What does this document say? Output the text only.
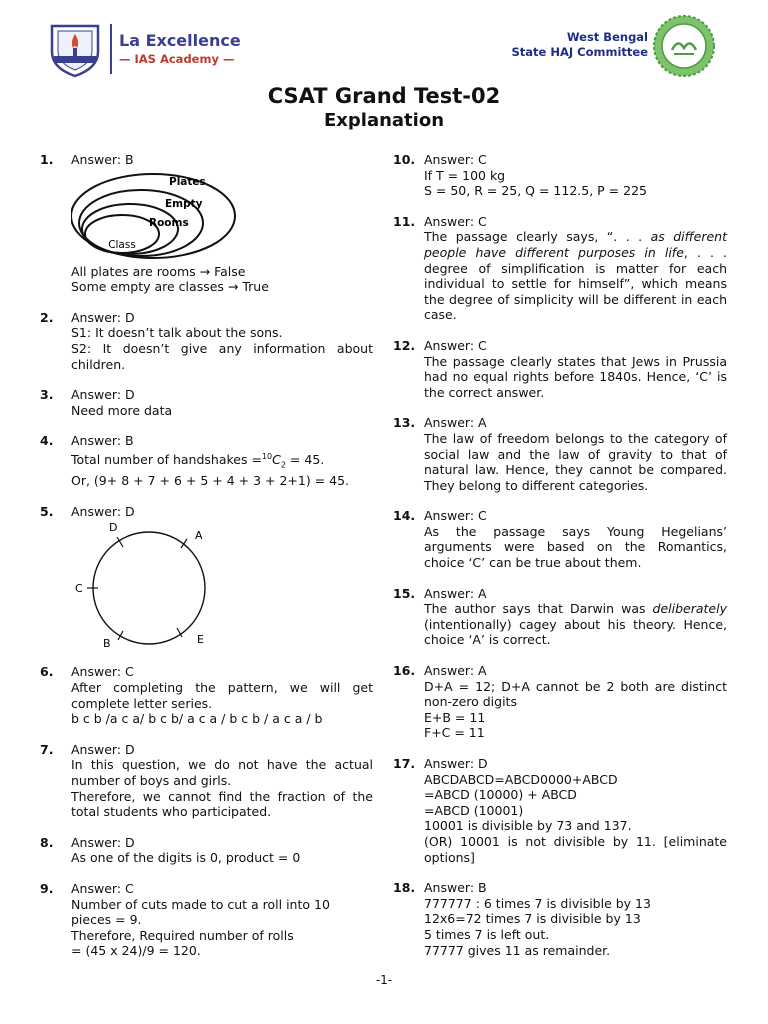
La Excellence
— IAS Academy —
West Bengal
State HAJ Committee
CSAT Grand Test-02
Explanation
1.	Answer: B

Plates
Empty
Rooms
Class

All plates are rooms → False

Some empty are classes → True

2.	Answer: D

S1: It doesn’t talk about the sons.

S2: It doesn’t give any information about children.

3.	Answer: D

Need more data

4.	Answer: B

Total number of handshakes $=^{10}C_2 = 45$.

Or, (9+ 8 + 7 + 6 + 5 + 4 + 3 + 2+1) = 45.

5.	Answer: D

D
A
C
B	E
6.	Answer: C

After completing the pattern, we will get complete letter series.

b c b /a c a/ b c b/ a c a / b c b / a c a / b

7.	Answer: D

In this question, we do not have the actual number of boys and girls.

Therefore, we cannot find the fraction of the total students who participated.

8.	Answer: D

As one of the digits is 0, product = 0

9.	Answer: C

Number of cuts made to cut a roll into 10 pieces = 9.

Therefore, Required number of rolls

= (45 x 24)/9 = 120.

10. Answer: C

If T = 100 kg

S = 50, R = 25, Q = 112.5, P = 225

11. Answer: C

The passage clearly says, “. . . as different people have different purposes in life, . . . degree of simplification is matter for each individual to settle for himself”, which means the degree of simplicity will be different in each case.

12. Answer: C

The passage clearly states that Jews in Prussia had no equal rights before 1840s. Hence, ‘C’ is the correct answer.

13. Answer: A

The law of freedom belongs to the category of social law and the law of gravity to that of natural law. Hence, they cannot be compared. They belong to different categories.

14. Answer: C

As the passage says Young Hegelians’ arguments were based on the Romantics, choice ‘C’ can be true about them.

15. Answer: A

The author says that Darwin was deliberately (intentionally) cagey about his theory. Hence, choice ‘A’ is correct.

16. Answer: A

D+A = 12; D+A cannot be 2 both are distinct non-zero digits

E+B = 11

F+C = 11

17. Answer: D

ABCDABCD=ABCD0000+ABCD

=ABCD (10000) + ABCD

=ABCD (10001)

10001 is divisible by 73 and 137.

(OR) 10001 is not divisible by 11. [eliminate options]

18. Answer: B

777777 : 6 times 7 is divisible by 13

12x6=72 times 7 is divisible by 13

5 times 7 is left out.

77777 gives 11 as remainder.

-1-
